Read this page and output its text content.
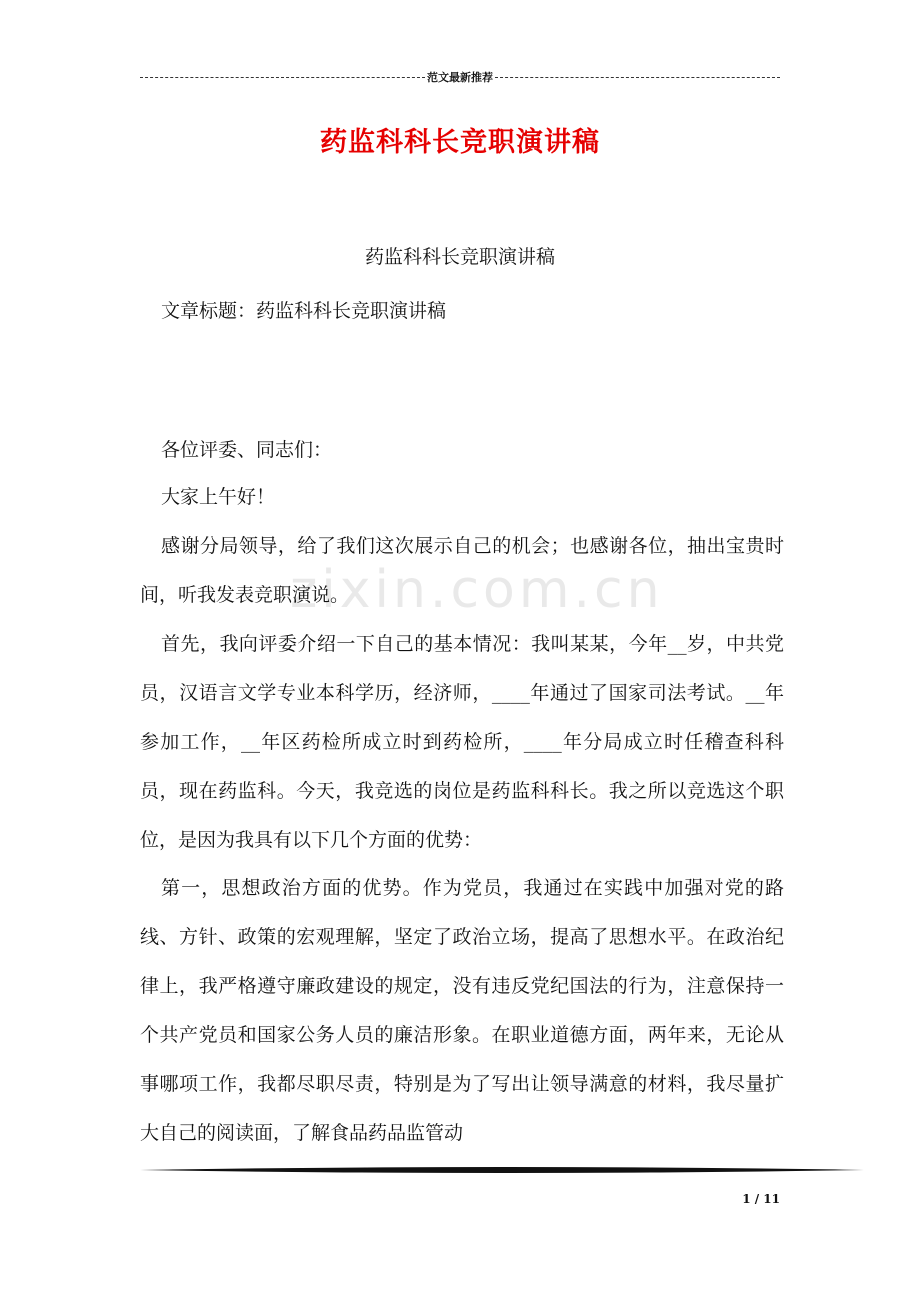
范文最新推荐
zixin.com.cn
药监科科长竞职演讲稿
药监科科长竞职演讲稿
文章标题：药监科科长竞职演讲稿
各位评委、同志们：
大家上午好！
感谢分局领导，给了我们这次展示自己的机会；也感谢各位，抽出宝贵时间，听我发表竞职演说。
首先，我向评委介绍一下自己的基本情况：我叫某某，今年__岁，中共党员，汉语言文学专业本科学历，经济师，____年通过了国家司法考试。__年参加工作，__年区药检所成立时到药检所，____年分局成立时任稽查科科员，现在药监科。今天，我竞选的岗位是药监科科长。我之所以竞选这个职位，是因为我具有以下几个方面的优势：
第一，思想政治方面的优势。作为党员，我通过在实践中加强对党的路线、方针、政策的宏观理解，坚定了政治立场，提高了思想水平。在政治纪律上，我严格遵守廉政建设的规定，没有违反党纪国法的行为，注意保持一个共产党员和国家公务人员的廉洁形象。在职业道德方面，两年来，无论从事哪项工作，我都尽职尽责，特别是为了写出让领导满意的材料，我尽量扩大自己的阅读面，了解食品药品监管动
1 / 11
